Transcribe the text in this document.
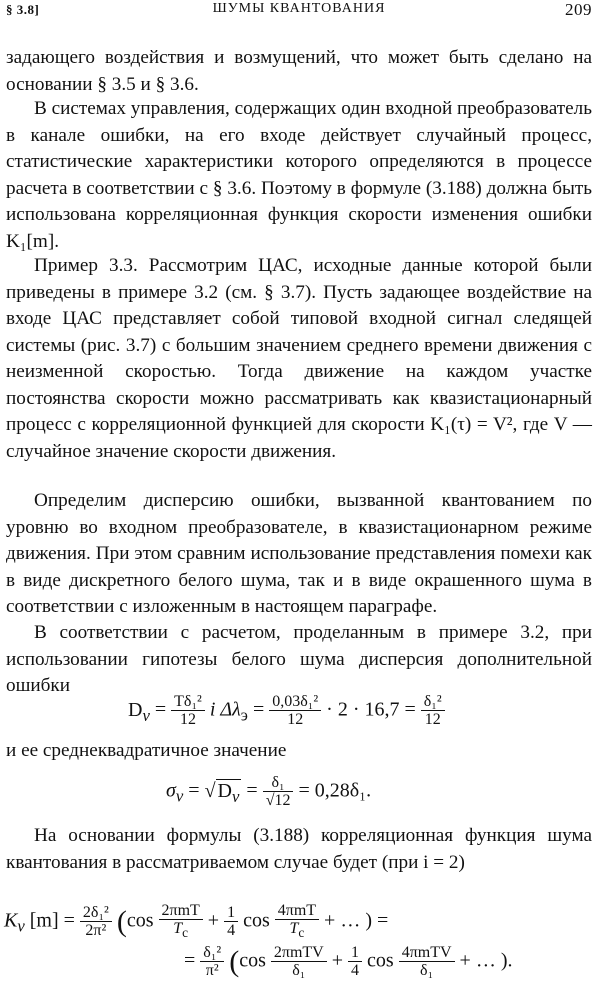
§ 3.8]	ШУМЫ КВАНТОВАНИЯ	209

задающего воздействия и возмущений, что может быть сделано на основании § 3.5 и § 3.6.

В системах управления, содержащих один входной преобразователь в канале ошибки, на его входе действует случайный процесс, статистические характеристики которого определяются в процессе расчета в соответствии с § 3.6. Поэтому в формуле (3.188) должна быть использована корреляционная функция скорости изменения ошибки K₁[m].

Пример 3.3. Рассмотрим ЦАС, исходные данные которой были приведены в примере 3.2 (см. § 3.7). Пусть задающее воздействие на входе ЦАС представляет собой типовой входной сигнал следящей системы (рис. 3.7) с большим значением среднего времени движения с неизменной скоростью. Тогда движение на каждом участке постоянства скорости можно рассматривать как квазистационарный процесс с корреляционной функцией для скорости K₁(τ) = V², где V — случайное значение скорости движения.

Определим дисперсию ошибки, вызванной квантованием по уровню во входном преобразователе, в квазистационарном режиме движения. При этом сравним использование представления помехи как в виде дискретного белого шума, так и в виде окрашенного шума в соответствии с изложенным в настоящем параграфе.

В соответствии с расчетом, проделанным в примере 3.2, при использовании гипотезы белого шума дисперсия дополнительной ошибки

$D_v = \frac{\text{Tδ₁²}}{12}$ i $\Delta\lambda_э = \frac{\text{0,03δ₁²}}{12} \cdot 2 \cdot 16,7 = \frac{\text{δ₁²}}{12}$

и ее среднеквадратичное значение

$\sigma_v$ = √ $D_v = \frac{\text{δ₁}}{√12} = 0,28\delta_1$.

На основании формулы (3.188) корреляционная функция шума квантования в рассматриваемом случае будет (при i = 2)

$K_v$ $[m] = \frac{\text{2δ₁²}}{\text{2π²}} (\cos \frac{\text{2πmT}}{T_c} + \frac{1}{4}$ $\cos \frac{\text{4πmT}}{T_c}$ + … ) =
= $\frac{\text{δ₁²}}{\text{π²}} (\cos \frac{\text{2πmTV}}{\text{δ₁}} + \frac{1}{4}$ $\cos \frac{\text{4πmTV}}{\text{δ₁}}$ + … ).
